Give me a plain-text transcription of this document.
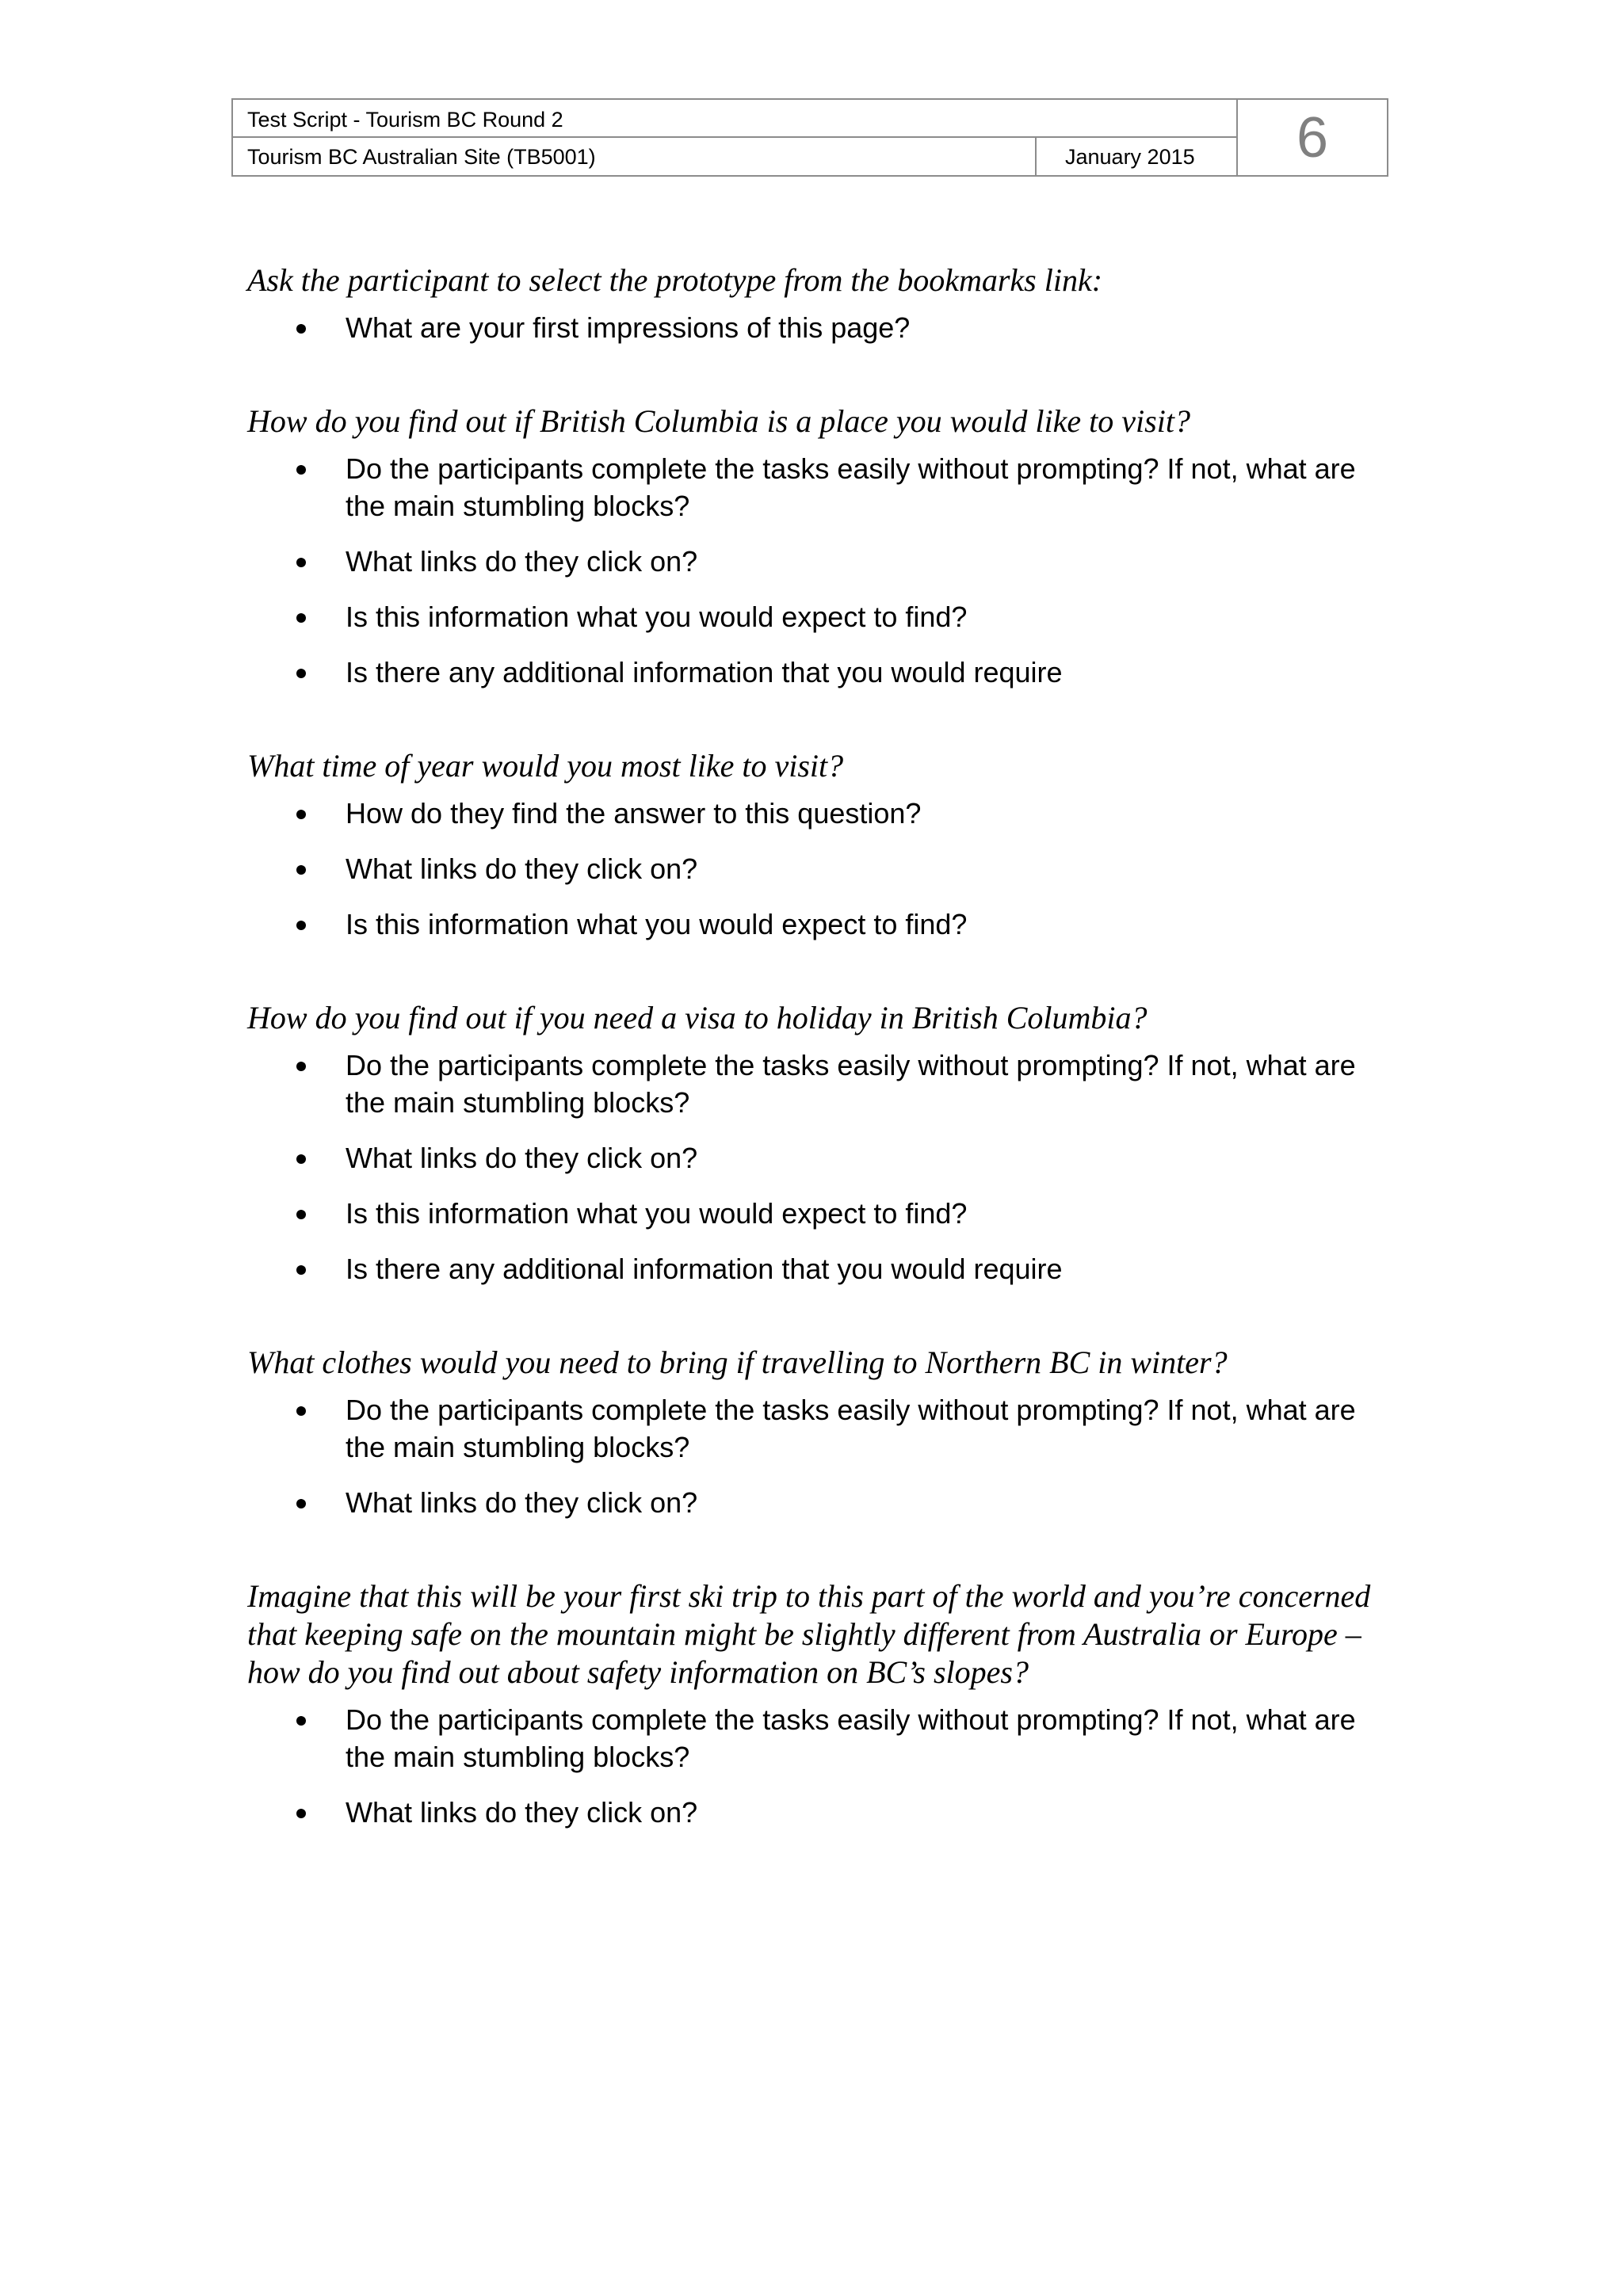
Test Script - Tourism BC Round 2
Tourism BC Australian Site (TB5001)	January 2015	6

Ask the participant to select the prototype from the bookmarks link:

What are your first impressions of this page?

How do you find out if British Columbia is a place you would like to visit?

Do the participants complete the tasks easily without prompting? If not, what are the main stumbling blocks?
What links do they click on?
Is this information what you would expect to find?
Is there any additional information that you would require

What time of year would you most like to visit?

How do they find the answer to this question?
What links do they click on?
Is this information what you would expect to find?

How do you find out if you need a visa to holiday in British Columbia?

Do the participants complete the tasks easily without prompting? If not, what are the main stumbling blocks?
What links do they click on?
Is this information what you would expect to find?
Is there any additional information that you would require

What clothes would you need to bring if travelling to Northern BC in winter?

Do the participants complete the tasks easily without prompting? If not, what are the main stumbling blocks?
What links do they click on?

Imagine that this will be your first ski trip to this part of the world and you’re concerned that keeping safe on the mountain might be slightly different from Australia or Europe – how do you find out about safety information on BC’s slopes?

Do the participants complete the tasks easily without prompting? If not, what are the main stumbling blocks?
What links do they click on?
